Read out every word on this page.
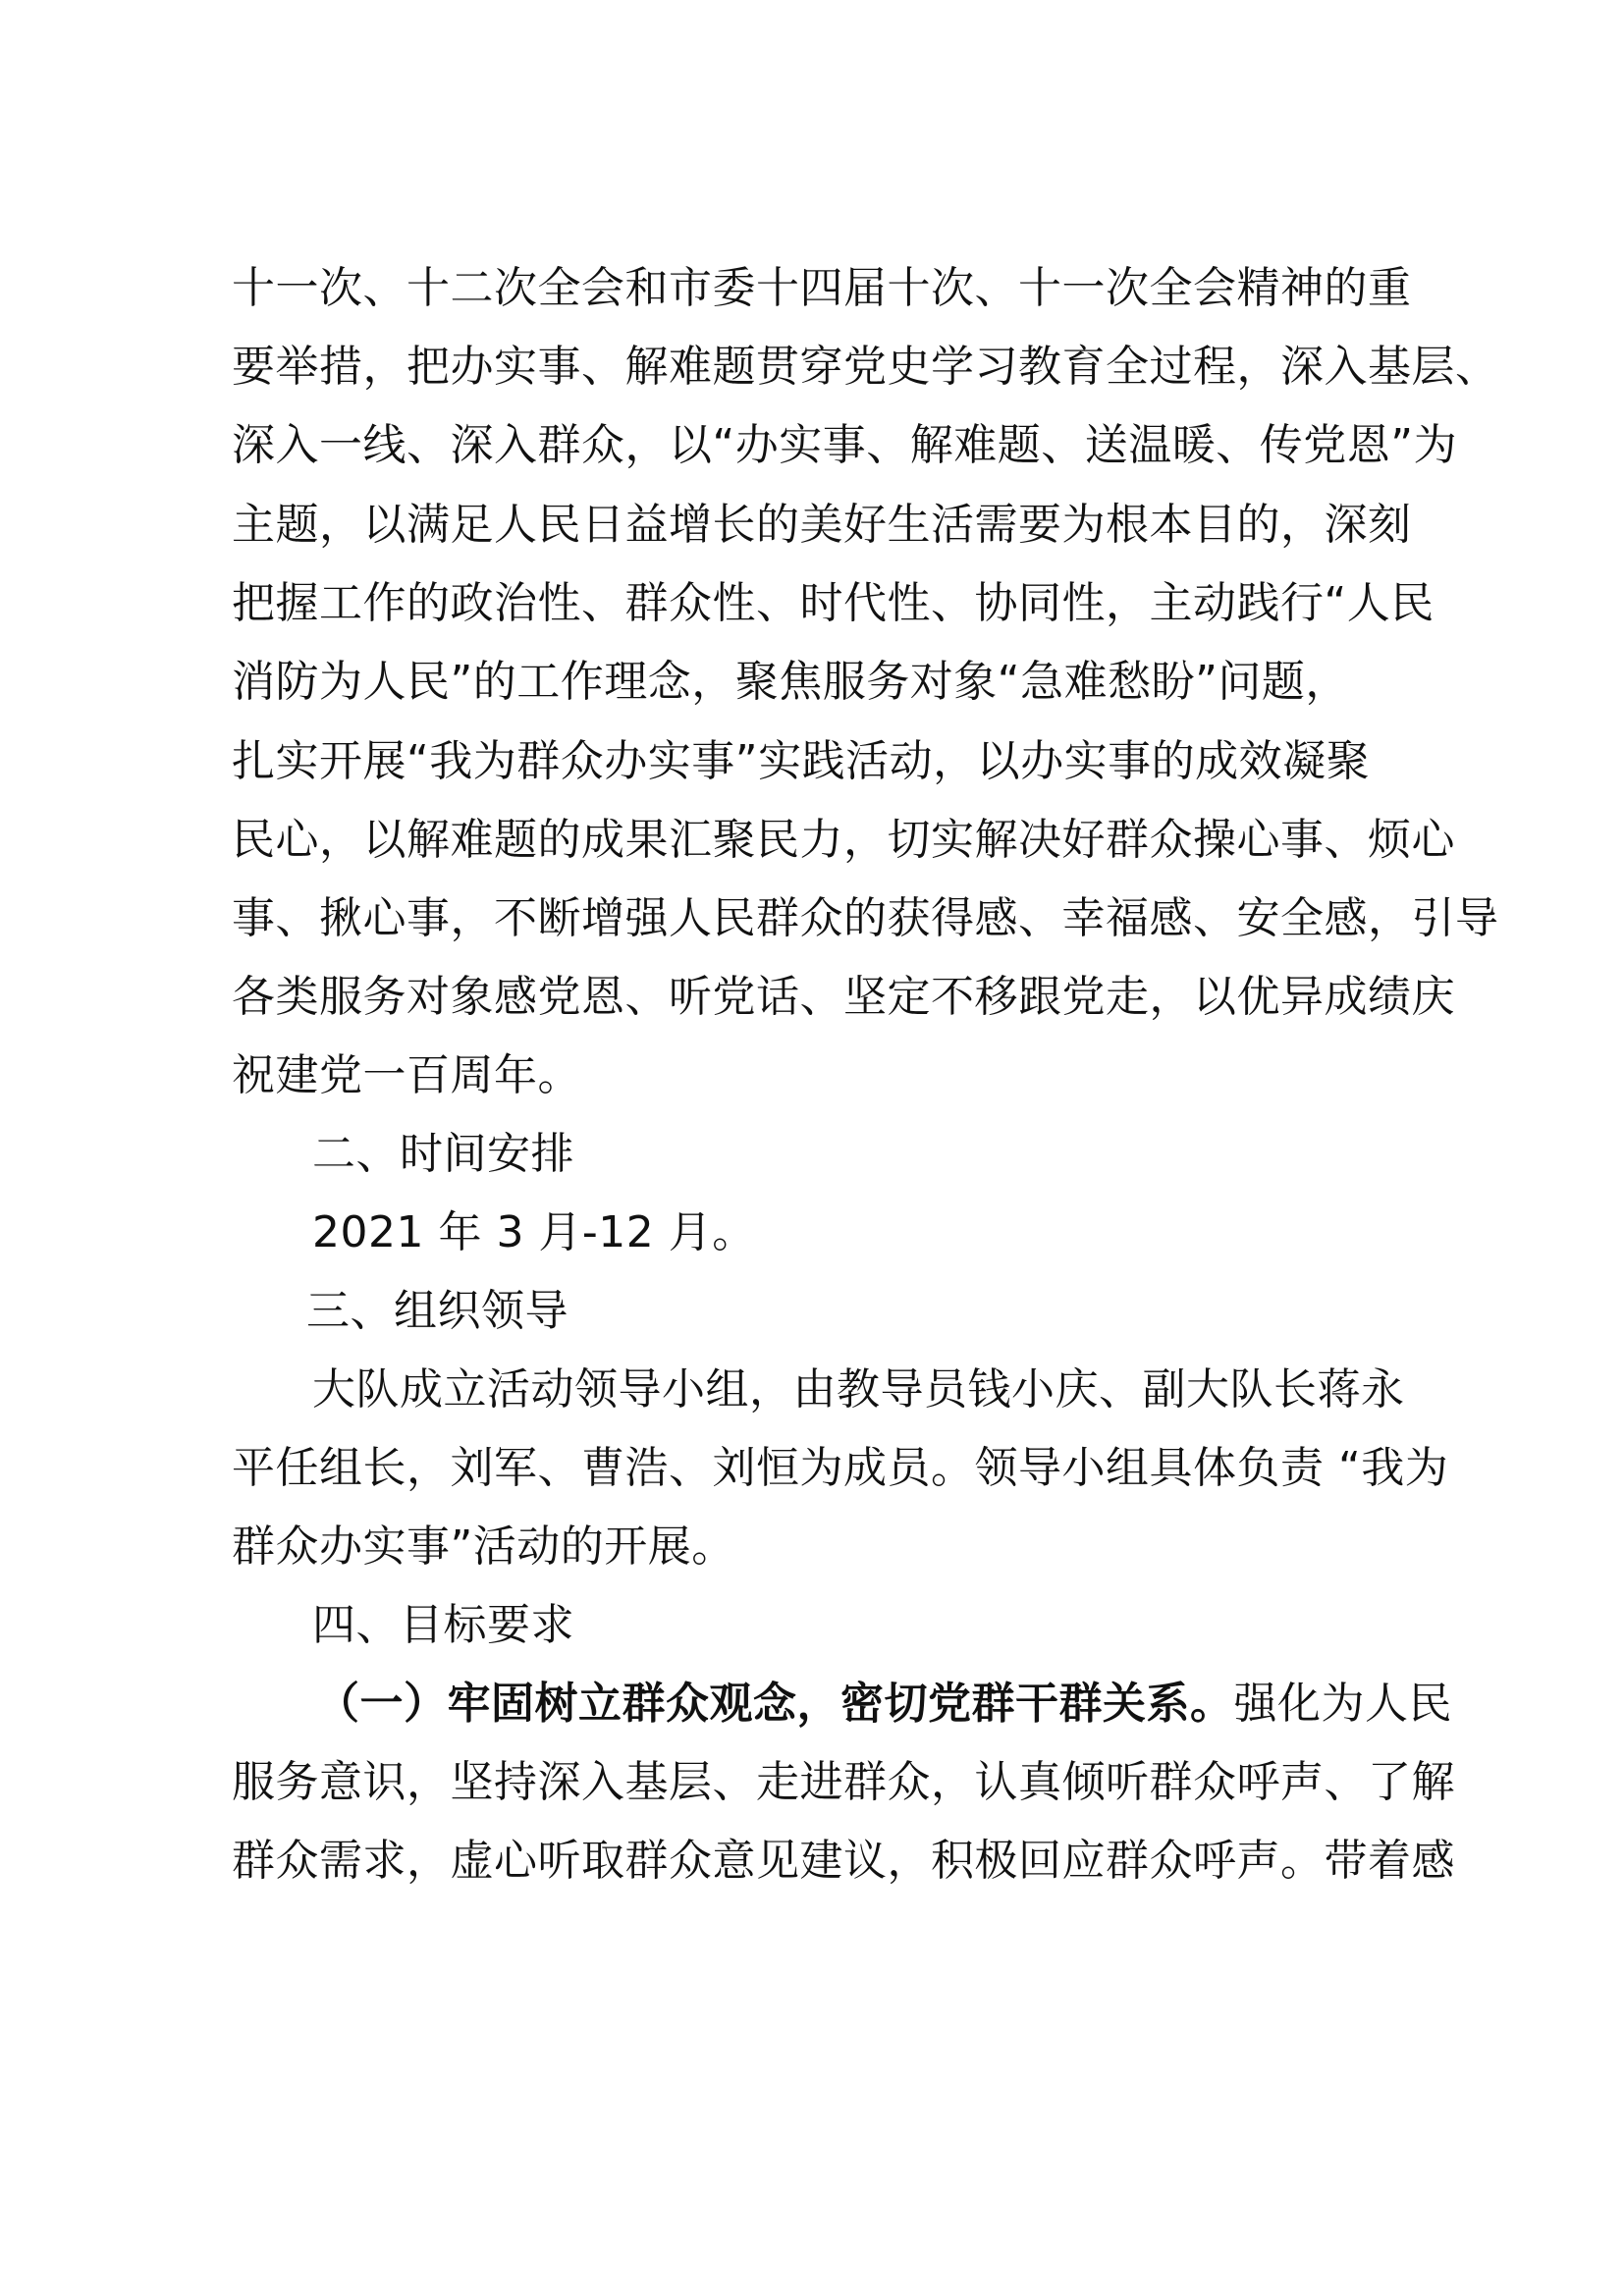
十一次、十二次全会和市委十四届十次、十一次全会精神的重
要举措，把办实事、解难题贯穿党史学习教育全过程，深入基层、
深入一线、深入群众，以“办实事、解难题、送温暖、传党恩”为
主题，以满足人民日益增长的美好生活需要为根本目的，深刻
把握工作的政治性、群众性、时代性、协同性，主动践行“人民
消防为人民”的工作理念，聚焦服务对象“急难愁盼”问题，
扎实开展“我为群众办实事”实践活动，以办实事的成效凝聚
民心，以解难题的成果汇聚民力，切实解决好群众操心事、烦心
事、揪心事，不断增强人民群众的获得感、幸福感、安全感，引导
各类服务对象感党恩、听党话、坚定不移跟党走，以优异成绩庆
祝建党一百周年。
二、时间安排
2021 年 3 月-12 月。
三、组织领导
大队成立活动领导小组，由教导员钱小庆、副大队长蒋永
平任组长，刘军、曹浩、刘恒为成员。领导小组具体负责 “我为
群众办实事”活动的开展。
四、目标要求
（一）牢固树立群众观念，密切党群干群关系。强化为人民
服务意识，坚持深入基层、走进群众，认真倾听群众呼声、了解
群众需求，虚心听取群众意见建议，积极回应群众呼声。带着感
